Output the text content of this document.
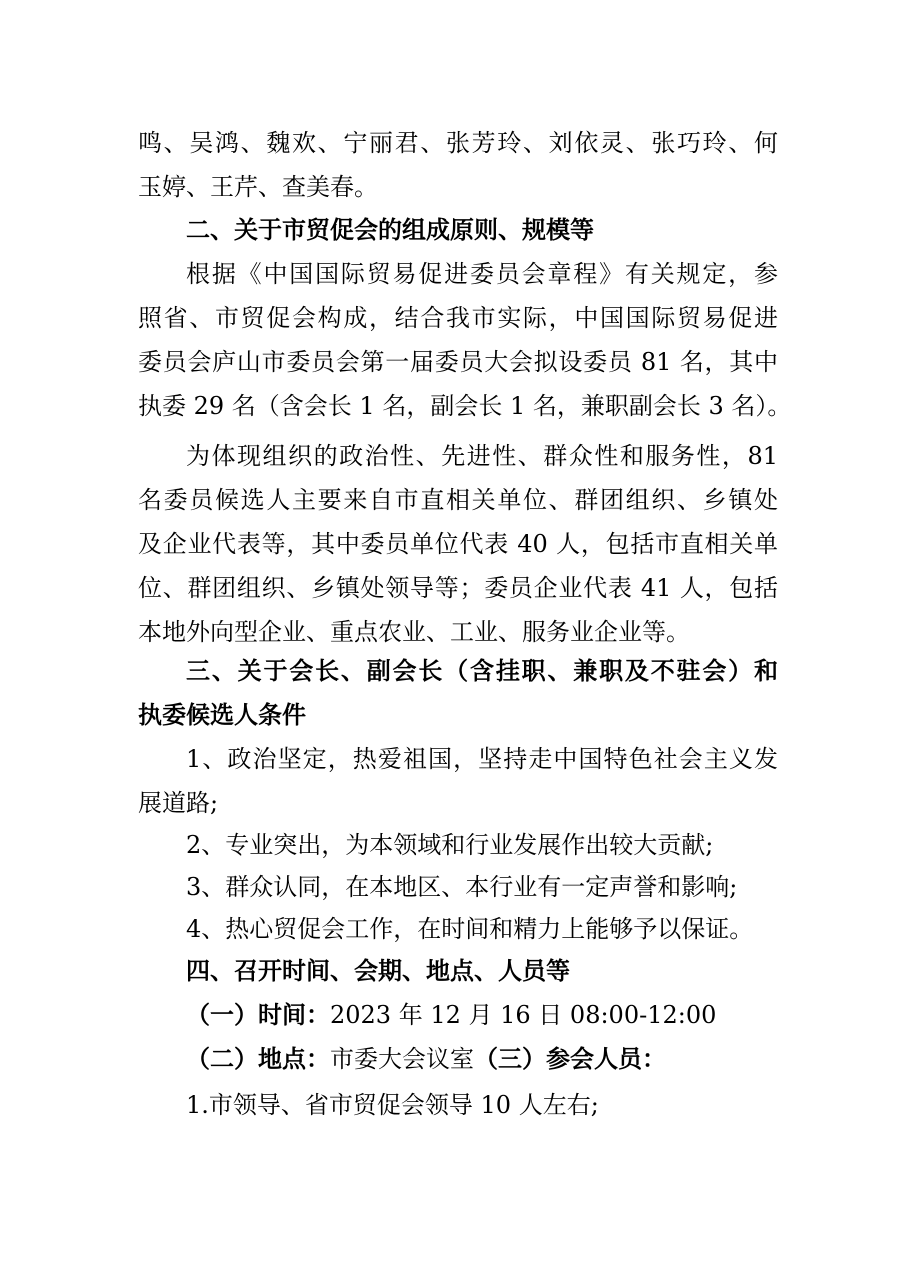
鸣、吴鸿、魏欢、宁丽君、张芳玲、刘依灵、张巧玲、何
玉婷、王芹、查美春。
二、关于市贸促会的组成原则、规模等
根据《中国国际贸易促进委员会章程》有关规定，参
照省、市贸促会构成，结合我市实际，中国国际贸易促进
委员会庐山市委员会第一届委员大会拟设委员 81 名，其中
执委 29 名（含会长 1 名，副会长 1 名，兼职副会长 3 名）。
为体现组织的政治性、先进性、群众性和服务性，81
名委员候选人主要来自市直相关单位、群团组织、乡镇处
及企业代表等，其中委员单位代表 40 人，包括市直相关单
位、群团组织、乡镇处领导等；委员企业代表 41 人，包括
本地外向型企业、重点农业、工业、服务业企业等。
三、关于会长、副会长（含挂职、兼职及不驻会）和
执委候选人条件
1、政治坚定，热爱祖国，坚持走中国特色社会主义发
展道路;
2、专业突出，为本领域和行业发展作出较大贡献;
3、群众认同，在本地区、本行业有一定声誉和影响;
4、热心贸促会工作，在时间和精力上能够予以保证。
四、召开时间、会期、地点、人员等
（一）时间：2023 年 12 月 16 日 08:00-12:00
（二）地点：市委大会议室（三）参会人员：
1.市领导、省市贸促会领导 10 人左右;
